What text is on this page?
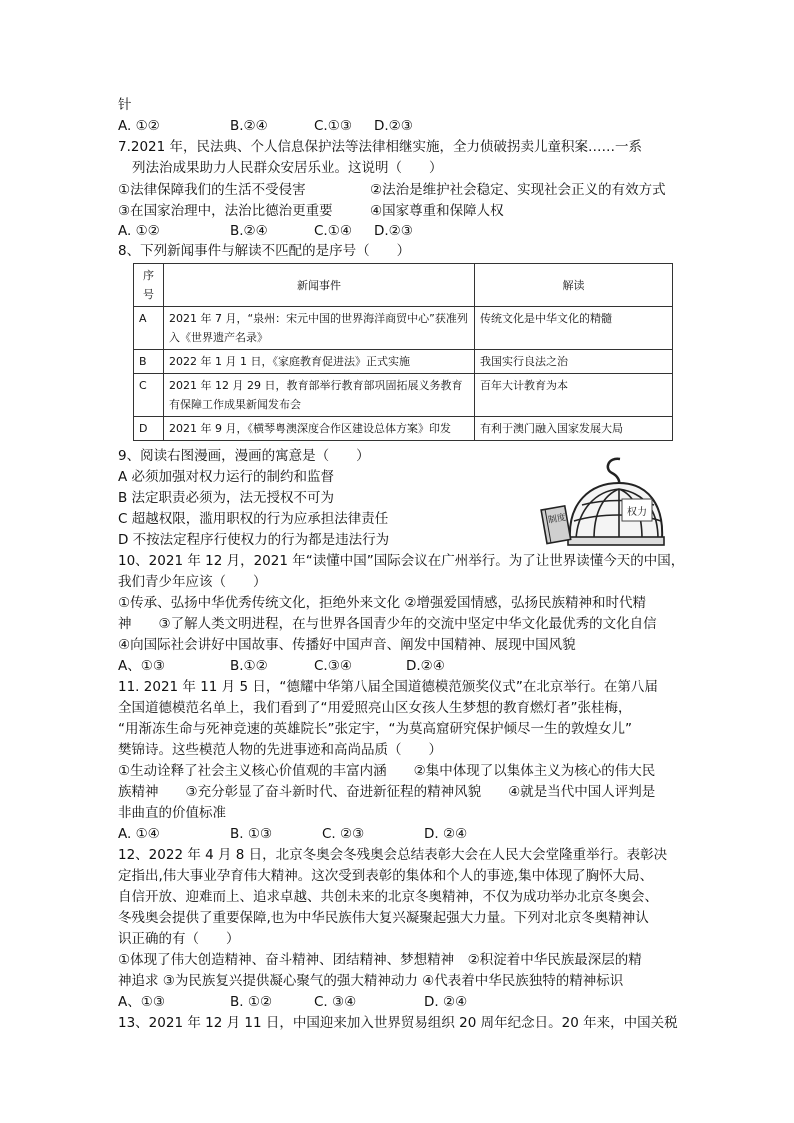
针
A. ①②	B.②④	C.①③ D.②③
7.2021 年，民法典、个人信息保护法等法律相继实施，全力侦破拐卖儿童积案……一系
列法治成果助力人民群众安居乐业。这说明（　　）
①法律保障我们的生活不受侵害	②法治是维护社会稳定、实现社会正义的有效方式
③在国家治理中，法治比德治更重要	④国家尊重和保障人权
A. ①②	B.②④	C.①④ D.②③
8、下列新闻事件与解读不匹配的是序号（　　）
序号	新闻事件	解读
A	2021 年 7 月，“泉州：宋元中国的世界海洋商贸中心”获准列入《世界遗产名录》	传统文化是中华文化的精髓
B	2022 年 1 月 1 日，《家庭教育促进法》正式实施	我国实行良法之治
C	2021 年 12 月 29 日，教育部举行教育部巩固拓展义务教育有保障工作成果新闻发布会	百年大计教育为本
D	2021 年 9 月，《横琴粤澳深度合作区建设总体方案》印发	有利于澳门融入国家发展大局
9、阅读右图漫画，漫画的寓意是（　　）
A 必须加强对权力运行的制约和监督
B 法定职责必须为，法无授权不可为
C 超越权限，滥用职权的行为应承担法律责任
D 不按法定程序行使权力的行为都是违法行为
权力
制度
10、2021 年 12 月，2021 年“读懂中国”国际会议在广州举行。为了让世界读懂今天的中国，
我们青少年应该（　　）
①传承、弘扬中华优秀传统文化，拒绝外来文化 ②增强爱国情感，弘扬民族精神和时代精
神　　③了解人类文明进程，在与世界各国青少年的交流中坚定中华文化最优秀的文化自信
④向国际社会讲好中国故事、传播好中国声音、阐发中国精神、展现中国风貌
A、①③	B.①②	C.③④	D.②④
11. 2021 年 11 月 5 日，“德耀中华第八届全国道德模范颁奖仪式”在北京举行。在第八届
全国道德模范名单上，我们看到了“用爱照亮山区女孩人生梦想的教育燃灯者”张桂梅，
“用渐冻生命与死神竞速的英雄院长”张定宇，“为莫高窟研究保护倾尽一生的敦煌女儿”
樊锦诗。这些模范人物的先进事迹和高尚品质（　　）
①生动诠释了社会主义核心价值观的丰富内涵　　②集中体现了以集体主义为核心的伟大民
族精神　　③充分彰显了奋斗新时代、奋进新征程的精神风貌　　④就是当代中国人评判是
非曲直的价值标准
A. ①④	B. ①③	C. ②③	D. ②④
12、2022 年 4 月 8 日，北京冬奥会冬残奥会总结表彰大会在人民大会堂隆重举行。表彰决
定指出,伟大事业孕育伟大精神。这次受到表彰的集体和个人的事迹,集中体现了胸怀大局、
自信开放、迎难而上、追求卓越、共创未来的北京冬奥精神，不仅为成功举办北京冬奥会、
冬残奥会提供了重要保障,也为中华民族伟大复兴凝聚起强大力量。下列对北京冬奥精神认
识正确的有（　　）
①体现了伟大创造精神、奋斗精神、团结精神、梦想精神　②积淀着中华民族最深层的精
神追求 ③为民族复兴提供凝心聚气的强大精神动力 ④代表着中华民族独特的精神标识
A、①③	B. ①②	C. ③④	D. ②④
13、2021 年 12 月 11 日，中国迎来加入世界贸易组织 20 周年纪念日。20 年来，中国关税
